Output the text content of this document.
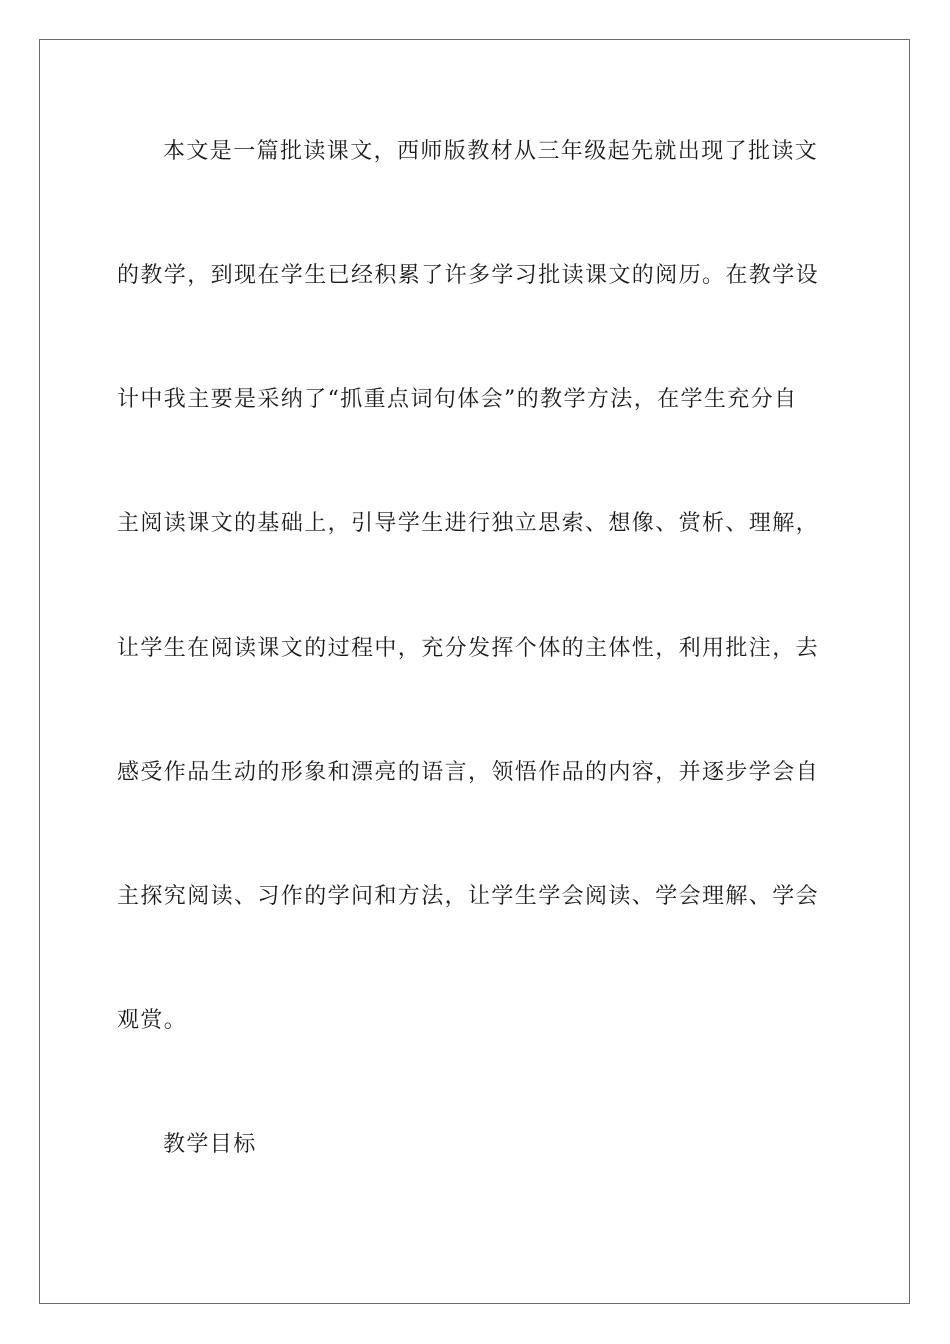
本文是一篇批读课文，西师版教材从三年级起先就出现了批读文

的教学，到现在学生已经积累了许多学习批读课文的阅历。在教学设

计中我主要是采纳了“抓重点词句体会”的教学方法，在学生充分自

主阅读课文的基础上，引导学生进行独立思索、想像、赏析、理解，

让学生在阅读课文的过程中，充分发挥个体的主体性，利用批注，去

感受作品生动的形象和漂亮的语言，领悟作品的内容，并逐步学会自

主探究阅读、习作的学问和方法，让学生学会阅读、学会理解、学会

观赏。

教学目标
